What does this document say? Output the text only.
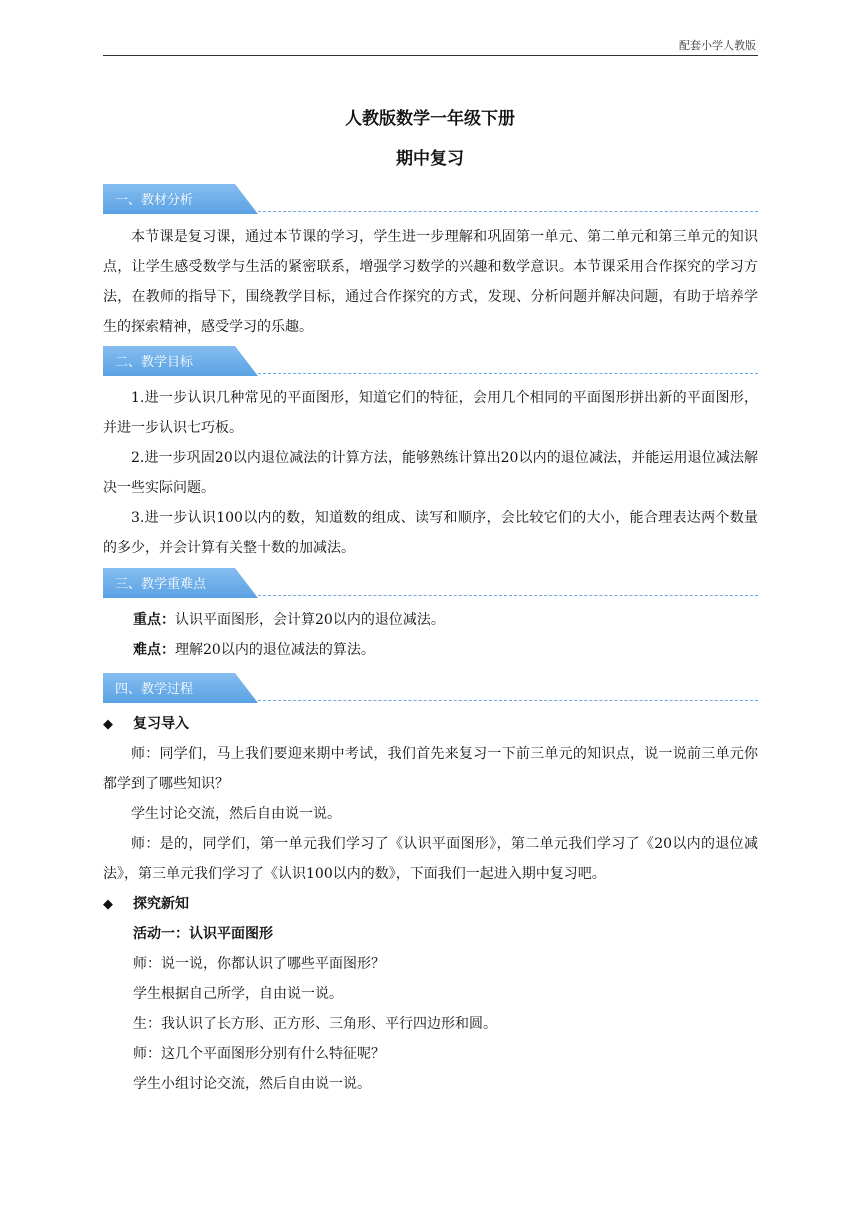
配套小学人教版
人教版数学一年级下册
期中复习
一、教材分析
本节课是复习课，通过本节课的学习，学生进一步理解和巩固第一单元、第二单元和第三单元的知识点，让学生感受数学与生活的紧密联系，增强学习数学的兴趣和数学意识。本节课采用合作探究的学习方法，在教师的指导下，围绕教学目标，通过合作探究的方式，发现、分析问题并解决问题，有助于培养学生的探索精神，感受学习的乐趣。
二、教学目标
1.进一步认识几种常见的平面图形，知道它们的特征，会用几个相同的平面图形拼出新的平面图形，并进一步认识七巧板。
2.进一步巩固20以内退位减法的计算方法，能够熟练计算出20以内的退位减法，并能运用退位减法解决一些实际问题。
3.进一步认识100以内的数，知道数的组成、读写和顺序，会比较它们的大小，能合理表达两个数量的多少，并会计算有关整十数的加减法。
三、教学重难点
重点：认识平面图形，会计算20以内的退位减法。
难点：理解20以内的退位减法的算法。
四、教学过程
◆ 复习导入
师：同学们，马上我们要迎来期中考试，我们首先来复习一下前三单元的知识点，说一说前三单元你都学到了哪些知识？
学生讨论交流，然后自由说一说。
师：是的，同学们，第一单元我们学习了《认识平面图形》，第二单元我们学习了《20以内的退位减法》，第三单元我们学习了《认识100以内的数》，下面我们一起进入期中复习吧。
◆ 探究新知
活动一：认识平面图形
师：说一说，你都认识了哪些平面图形？
学生根据自己所学，自由说一说。
生：我认识了长方形、正方形、三角形、平行四边形和圆。
师：这几个平面图形分别有什么特征呢？
学生小组讨论交流，然后自由说一说。
